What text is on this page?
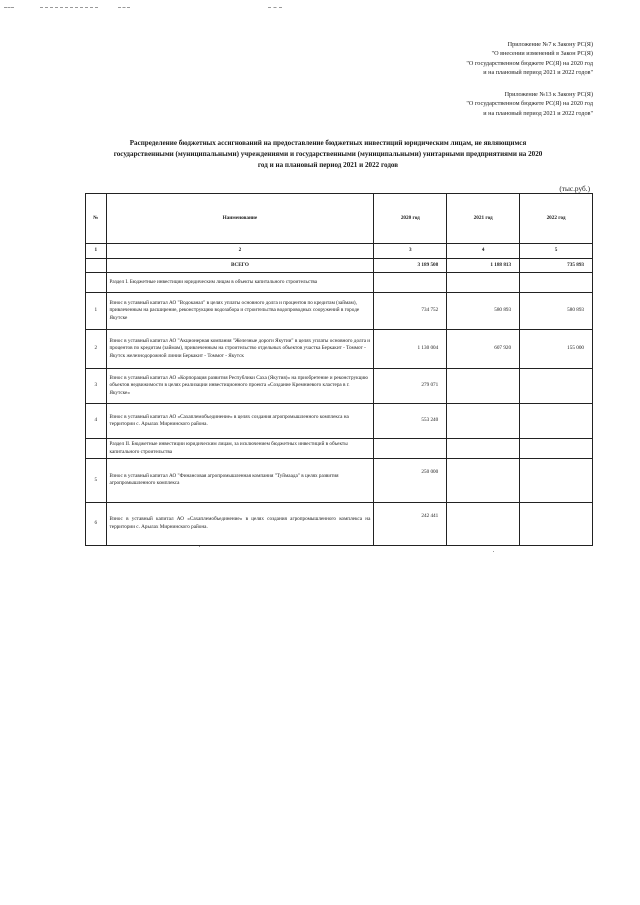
Приложение №7 к Закону РС(Я)
"О внесении изменений в Закон РС(Я)
"О государственном бюджете РС(Я) на 2020 год
и на плановый период 2021 и 2022 годов"
Приложение №13 к Закону РС(Я)
"О государственном бюджете РС(Я) на 2020 год
и на плановый период 2021 и 2022 годов"
Распределение бюджетных ассигнований на предоставление бюджетных инвестиций юридическим лицам, не являющимся
государственными (муниципальными) учреждениями и государственными (муниципальными) унитарными предприятиями на 2020
год и на плановый период 2021 и 2022 годов
(тыс.руб.)
№	Наименование	2020 год	2021 год	2022 год
1	2	3	4	5
	ВСЕГО	3 189 508	1 188 813	735 893
	Раздел I. Бюджетные инвестиции юридическим лицам в объекты капитального строительства			
1	Взнос в уставный капитал АО "Водоканал" в целях уплаты основного долга и процентов по кредитам (займам), привлеченным на расширение, реконструкцию водозабора и строительства водопроводных сооружений в городе Якутске	734 752	580 893	580 893
2	Взнос в уставный капитал АО "Акционерная компания "Железные дороги Якутии" в целях уплаты основного долга и процентов по кредитам (займам), привлеченным на строительство отдельных объектов участка Беркакит - Томмот - Якутск железнодорожной линии Беркакит - Томмот - Якутск	1 130 004	607 920	155 000
3	Взнос в уставный капитал АО «Корпорация развития Республики Саха (Якутия)» на приобретение и реконструкцию объектов недвижимости в целях реализации инвестиционного проекта «Создание Кремниевого кластера в г. Якутске»	279 071		
4	Взнос в уставный капитал АО «Сахаплемобъединение» в целях создания агропромышленного комплекса на территории с. Арылах Мирнинского района.	553 240		
	Раздел II. Бюджетные инвестиции юридическим лицам, за исключением бюджетных инвестиций в объекты капитального строительства			
5	Взнос в уставный капитал АО "Финансовая агропромышленная компания "Туймаада" в целях развития агропромышленного комплекса	250 000		
6	Взнос в уставный капитал АО «Сахаплемобъединение» в целях создания агропромышленного комплекса на территории с. Арылах Мирнинского района.	242 441		
